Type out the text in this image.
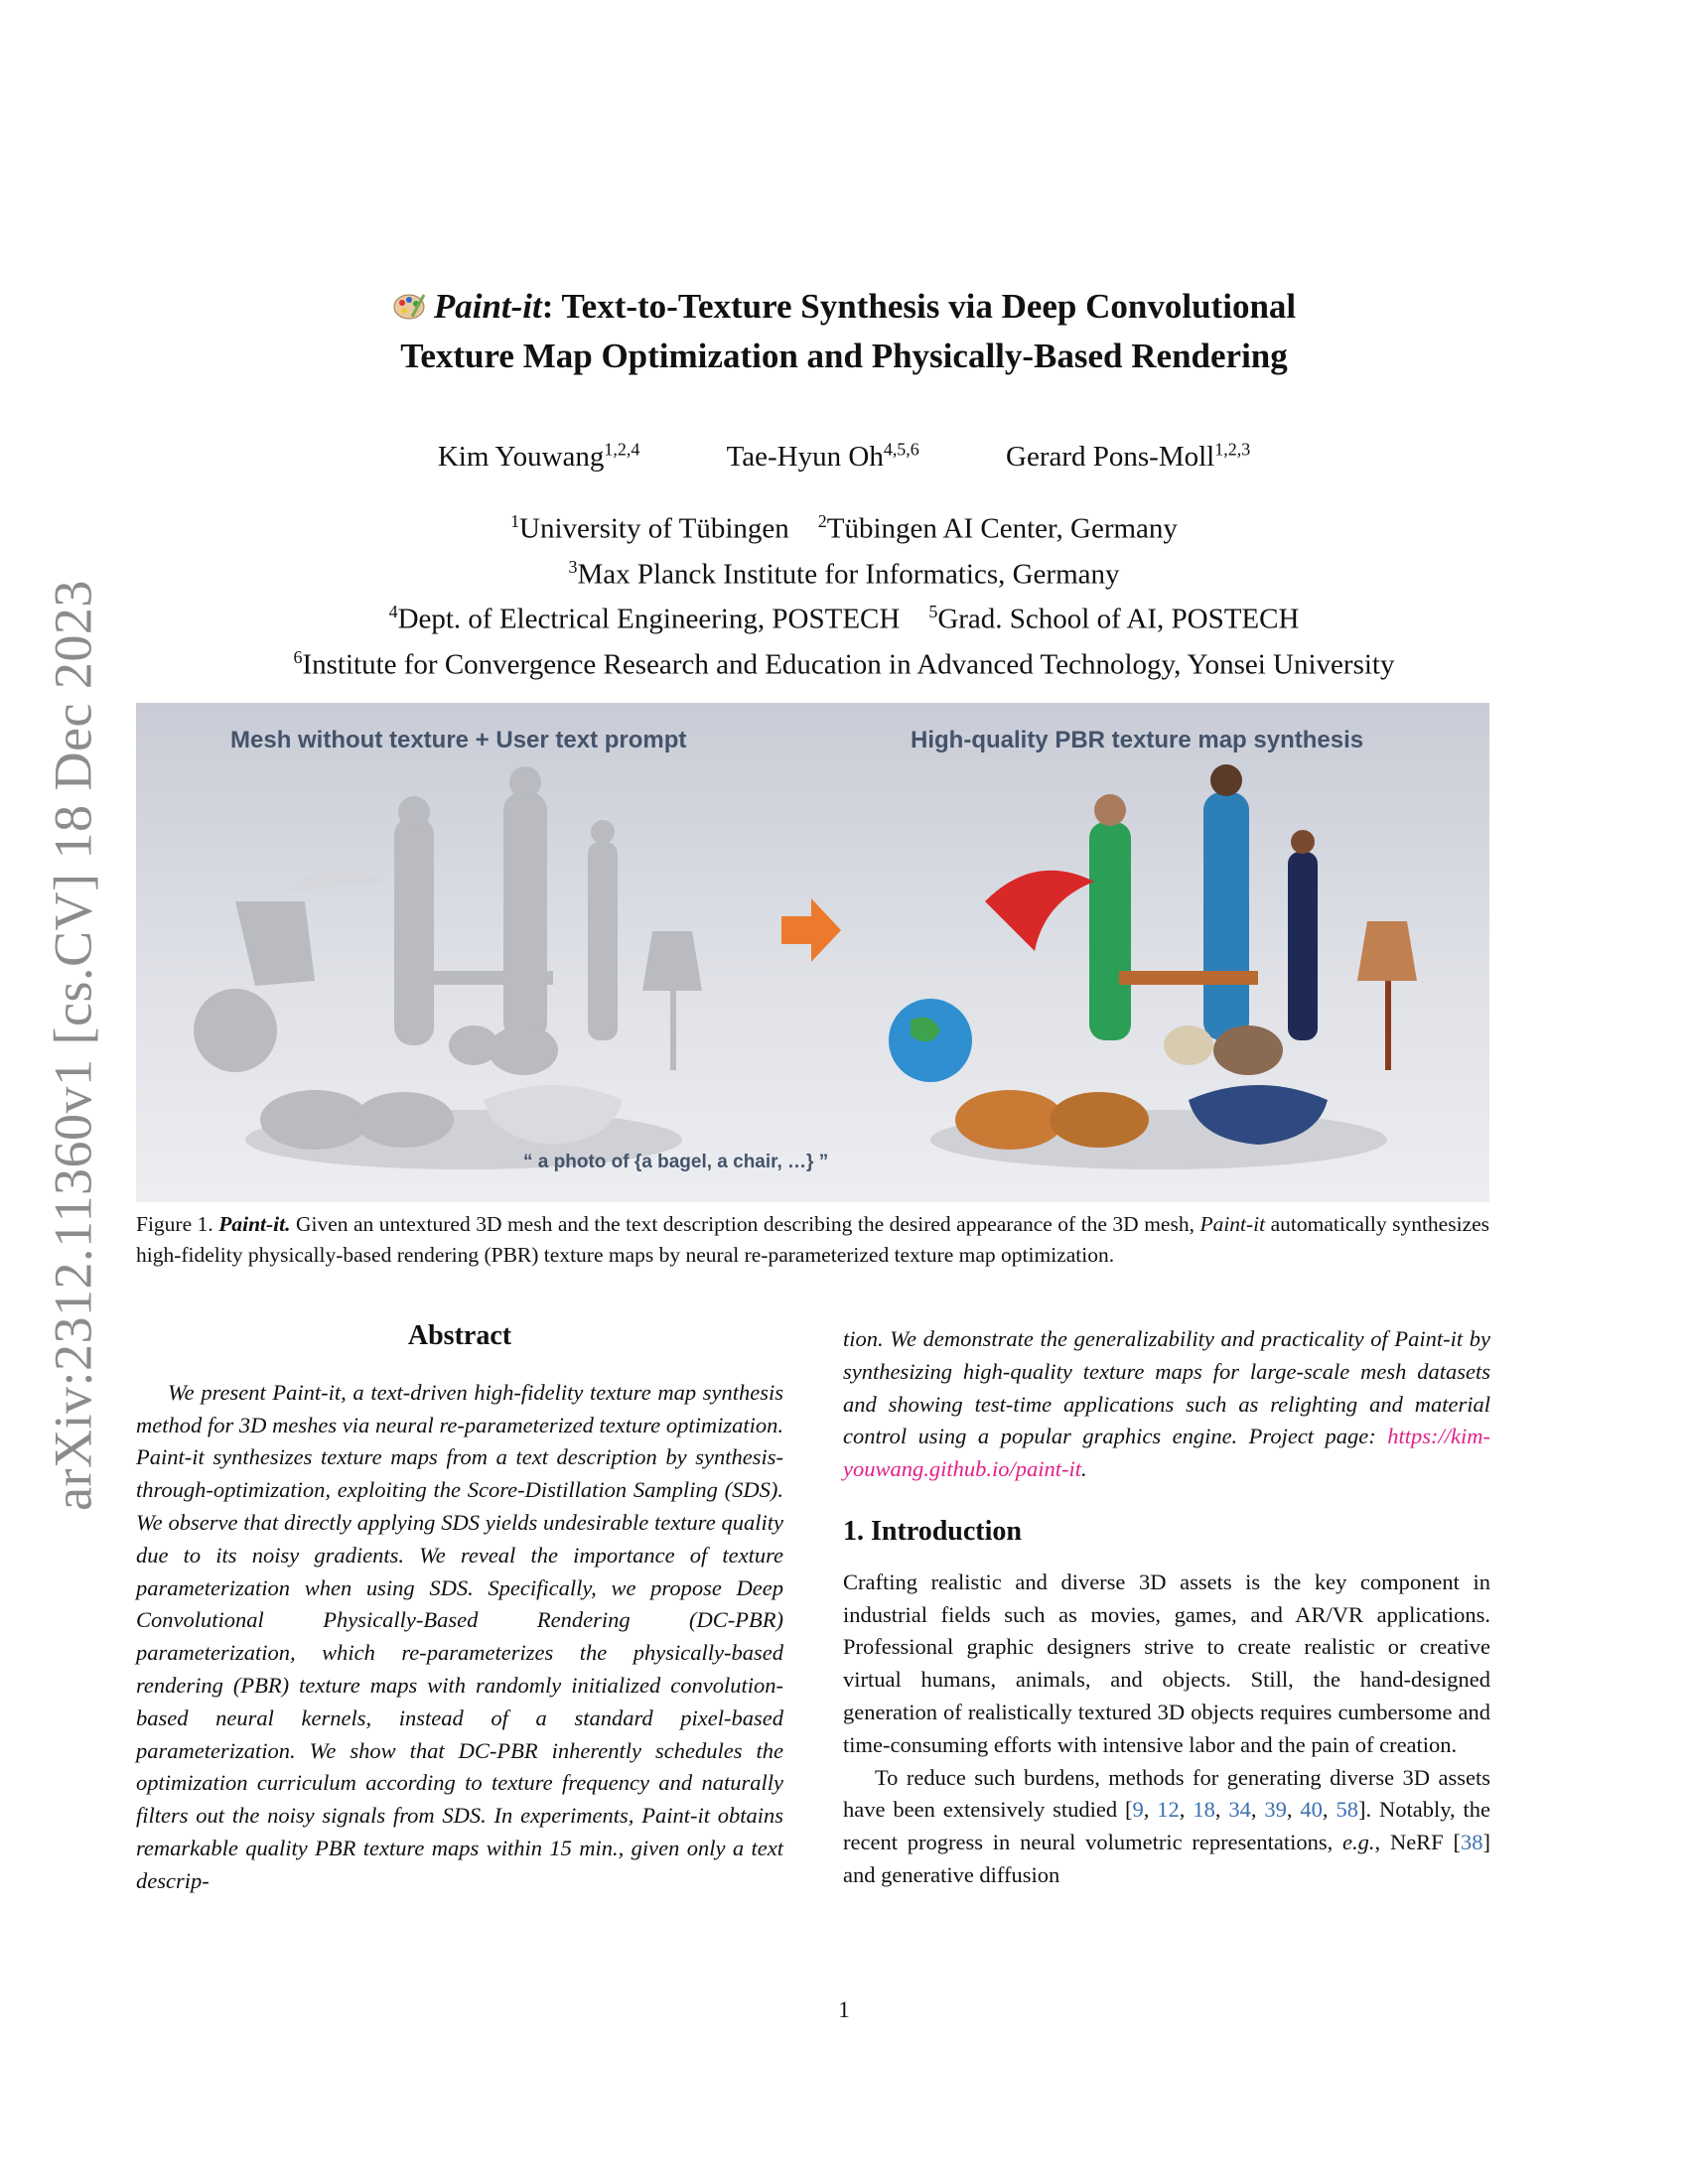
arXiv:2312.11360v1 [cs.CV] 18 Dec 2023
Paint-it: Text-to-Texture Synthesis via Deep Convolutional
Texture Map Optimization and Physically-Based Rendering
Kim Youwang$^{1,2,4}$	Tae-Hyun Oh$^{4,5,6}$	Gerard Pons-Moll$^{1,2,3}$
$^1$University of Tübingen $^2$Tübingen AI Center, Germany
$^3$Max Planck Institute for Informatics, Germany
$^4$Dept. of Electrical Engineering, POSTECH $^5$Grad. School of AI, POSTECH
$^6$Institute for Convergence Research and Education in Advanced Technology, Yonsei University
Mesh without texture + User text prompt	High-quality PBR texture map synthesis
“ a photo of {a bagel, a chair, …} ”
Figure 1. Paint-it. Given an untextured 3D mesh and the text description describing the desired appearance of the 3D mesh, Paint-it automatically synthesizes high-fidelity physically-based rendering (PBR) texture maps by neural re-parameterized texture map optimization.
Abstract

We present Paint-it, a text-driven high-fidelity texture map synthesis method for 3D meshes via neural re-parameterized texture optimization. Paint-it synthesizes texture maps from a text description by synthesis-through-optimization, exploiting the Score-Distillation Sampling (SDS). We observe that directly applying SDS yields undesirable texture quality due to its noisy gradients. We reveal the importance of texture parameterization when using SDS. Specifically, we propose Deep Convolutional Physically-Based Rendering (DC-PBR) parameterization, which re-parameterizes the physically-based rendering (PBR) texture maps with randomly initialized convolution-based neural kernels, instead of a standard pixel-based parameterization. We show that DC-PBR inherently schedules the optimization curriculum according to texture frequency and naturally filters out the noisy signals from SDS. In experiments, Paint-it obtains remarkable quality PBR texture maps within 15 min., given only a text descrip-

tion. We demonstrate the generalizability and practicality of Paint-it by synthesizing high-quality texture maps for large-scale mesh datasets and showing test-time applications such as relighting and material control using a popular graphics engine. Project page: https://kim-youwang.github.io/paint-it.

1. Introduction

Crafting realistic and diverse 3D assets is the key component in industrial fields such as movies, games, and AR/VR applications. Professional graphic designers strive to create realistic or creative virtual humans, animals, and objects. Still, the hand-designed generation of realistically textured 3D objects requires cumbersome and time-consuming efforts with intensive labor and the pain of creation.

To reduce such burdens, methods for generating diverse 3D assets have been extensively studied [9, 12, 18, 34, 39, 40, 58]. Notably, the recent progress in neural volumetric representations, e.g., NeRF [38] and generative diffusion

1
